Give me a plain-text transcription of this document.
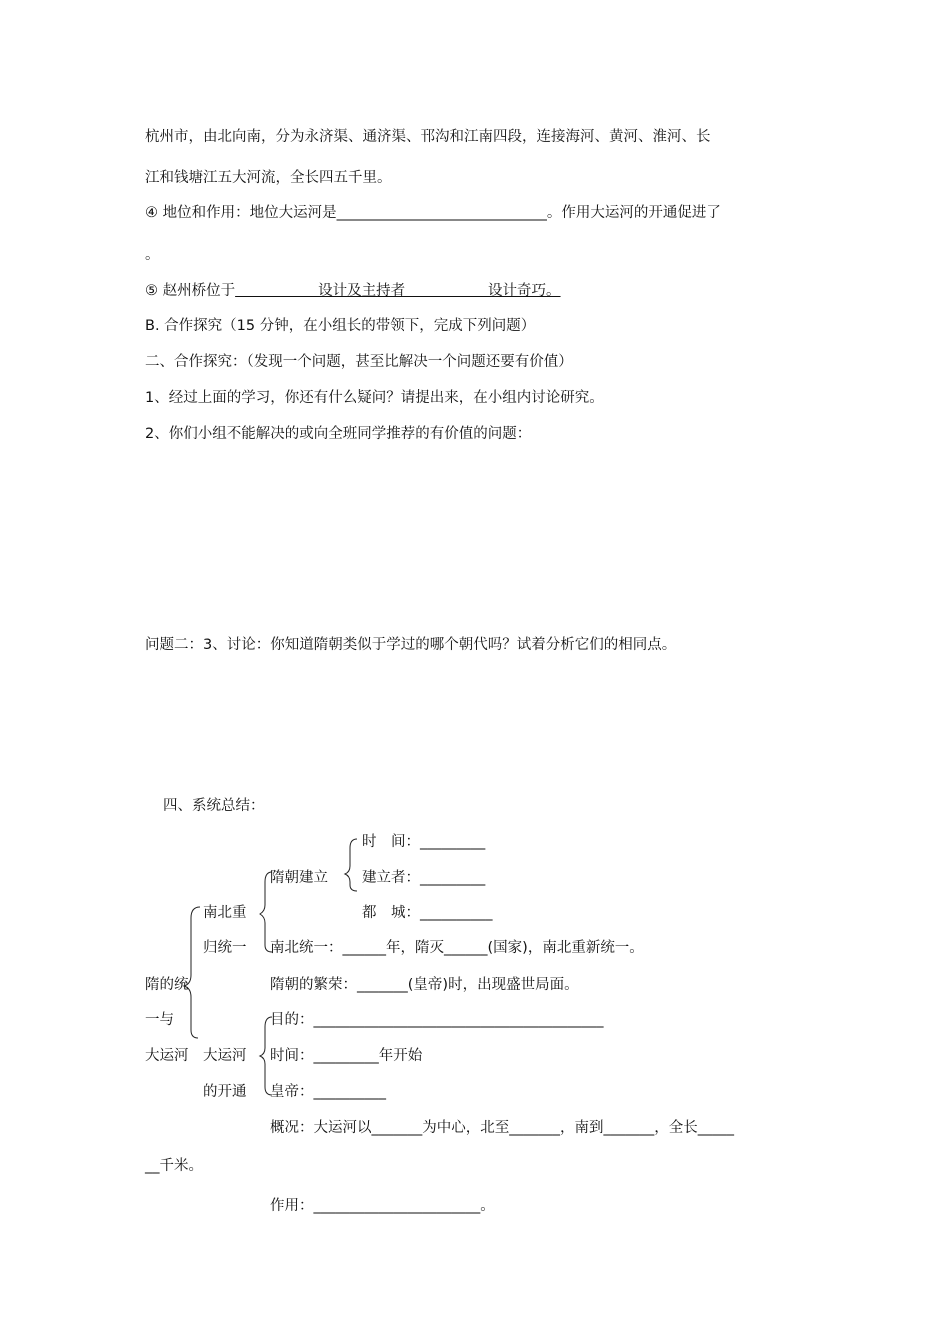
杭州市，由北向南，分为永济渠、通济渠、邗沟和江南四段，连接海河、黄河、淮河、长
江和钱塘江五大河流，全长四五千里。
④ 地位和作用：地位大运河是_____________________________。作用大运河的开通促进了
。
⑤ 赵州桥位于                  设计及主持者                  设计奇巧。
B. 合作探究（15 分钟，在小组长的带领下，完成下列问题）
二、合作探究：（发现一个问题，甚至比解决一个问题还要有价值）
1、经过上面的学习，你还有什么疑问？请提出来，在小组内讨论研究。
2、你们小组不能解决的或向全班同学推荐的有价值的问题：
问题二：3、讨论：你知道隋朝类似于学过的哪个朝代吗？试着分析它们的相同点。
四、系统总结：
时　间：_________
隋朝建立 建立者：_________
南北重	都　城：__________
归统一 南北统一：______年，隋灭______(国家)，南北重新统一。
隋的统	隋朝的繁荣：_______(皇帝)时，出现盛世局面。
一与	目的：________________________________________
大运河 大运河 时间：_________年开始
的开通 皇帝：__________
概况：大运河以_______为中心，北至_______，南到_______，全长_____
__千米。
作用：_______________________。
